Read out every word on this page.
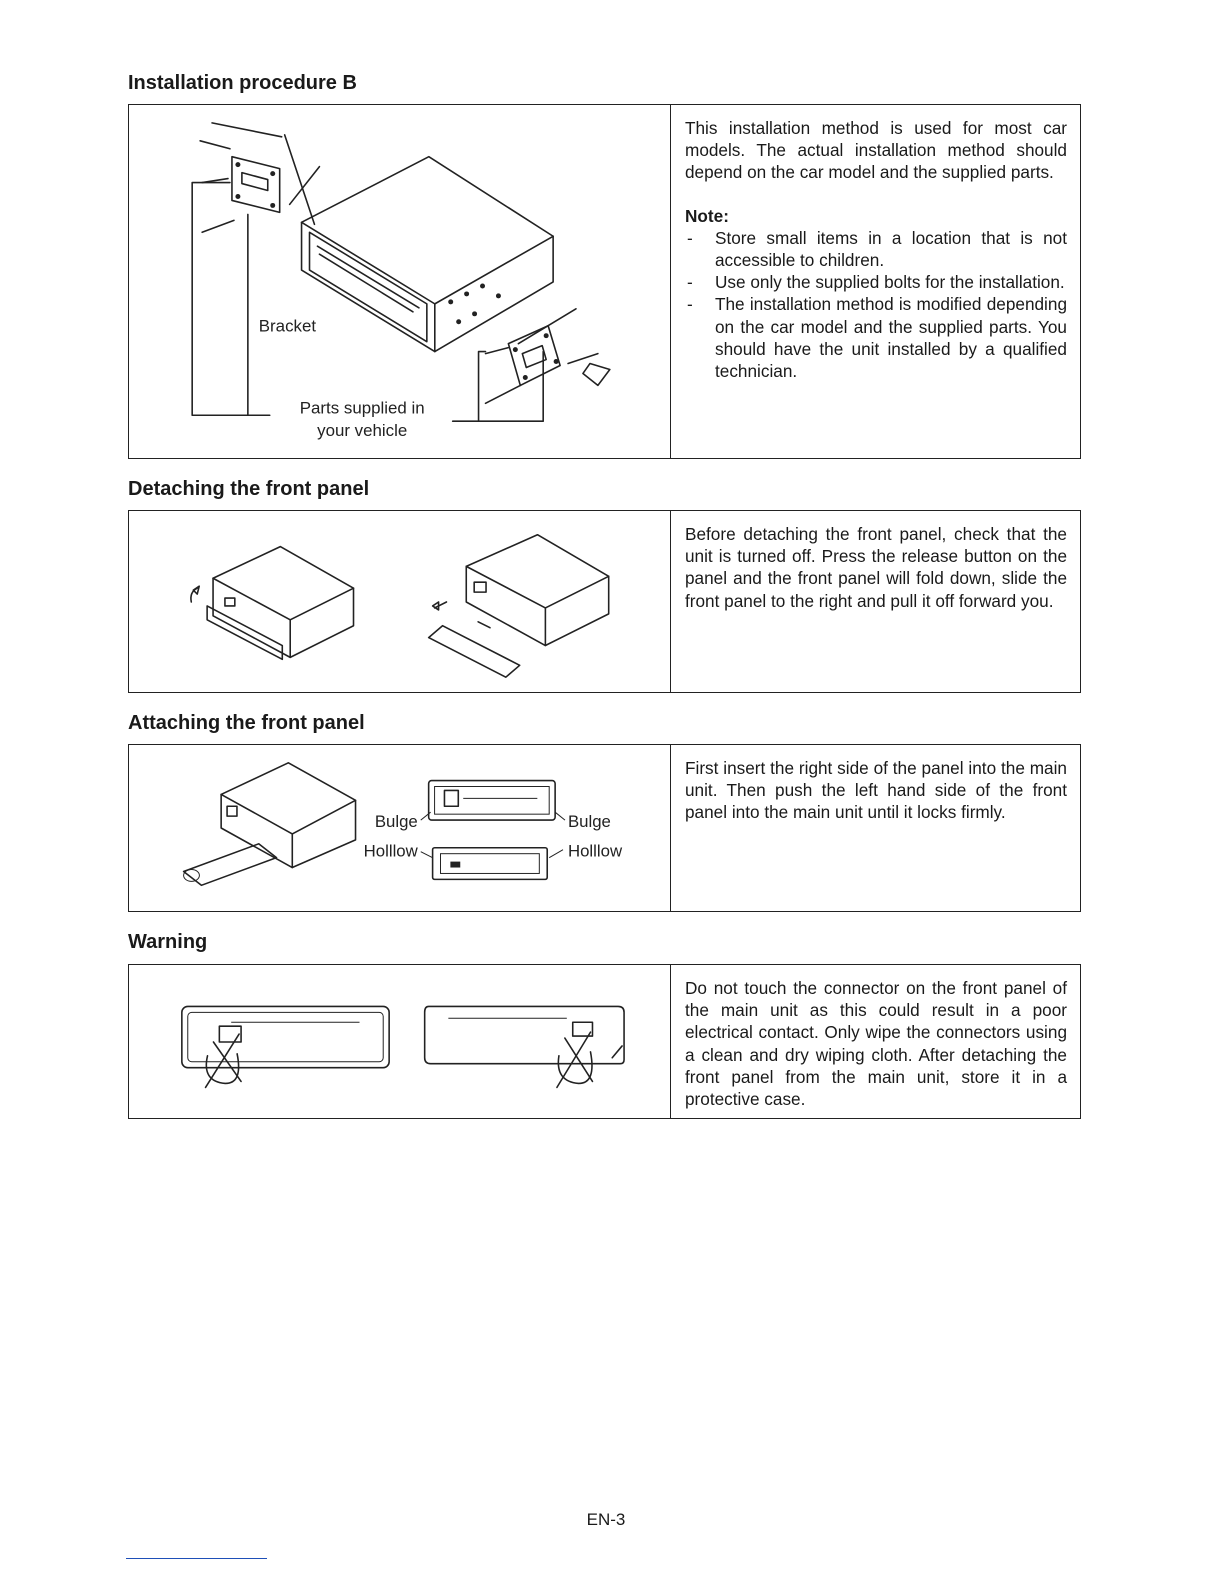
Installation procedure B
Bracket
Parts supplied in
your vehicle

This installation method is used for most car models. The actual installation method should depend on the car model and the supplied parts.

Note:

- Store small items in a location that is not accessible to children.
- Use only the supplied bolts for the installation.
- The installation method is modified depending on the car model and the supplied parts. You should have the unit installed by a qualified technician.
Detaching the front panel

Before detaching the front panel, check that the unit is turned off. Press the release button on the panel and the front panel will fold down, slide the front panel to the right and pull it off forward you.

Attaching the front panel
Bulge	Bulge
Holllow	Holllow

First insert the right side of the panel into the main unit. Then push the left hand side of the front panel into the main unit until it locks firmly.

Warning

Do not touch the connector on the front panel of the main unit as this could result in a poor electrical contact. Only wipe the connectors using a clean and dry wiping cloth. After detaching the front panel from the main unit, store it in a protective case.

EN-3
